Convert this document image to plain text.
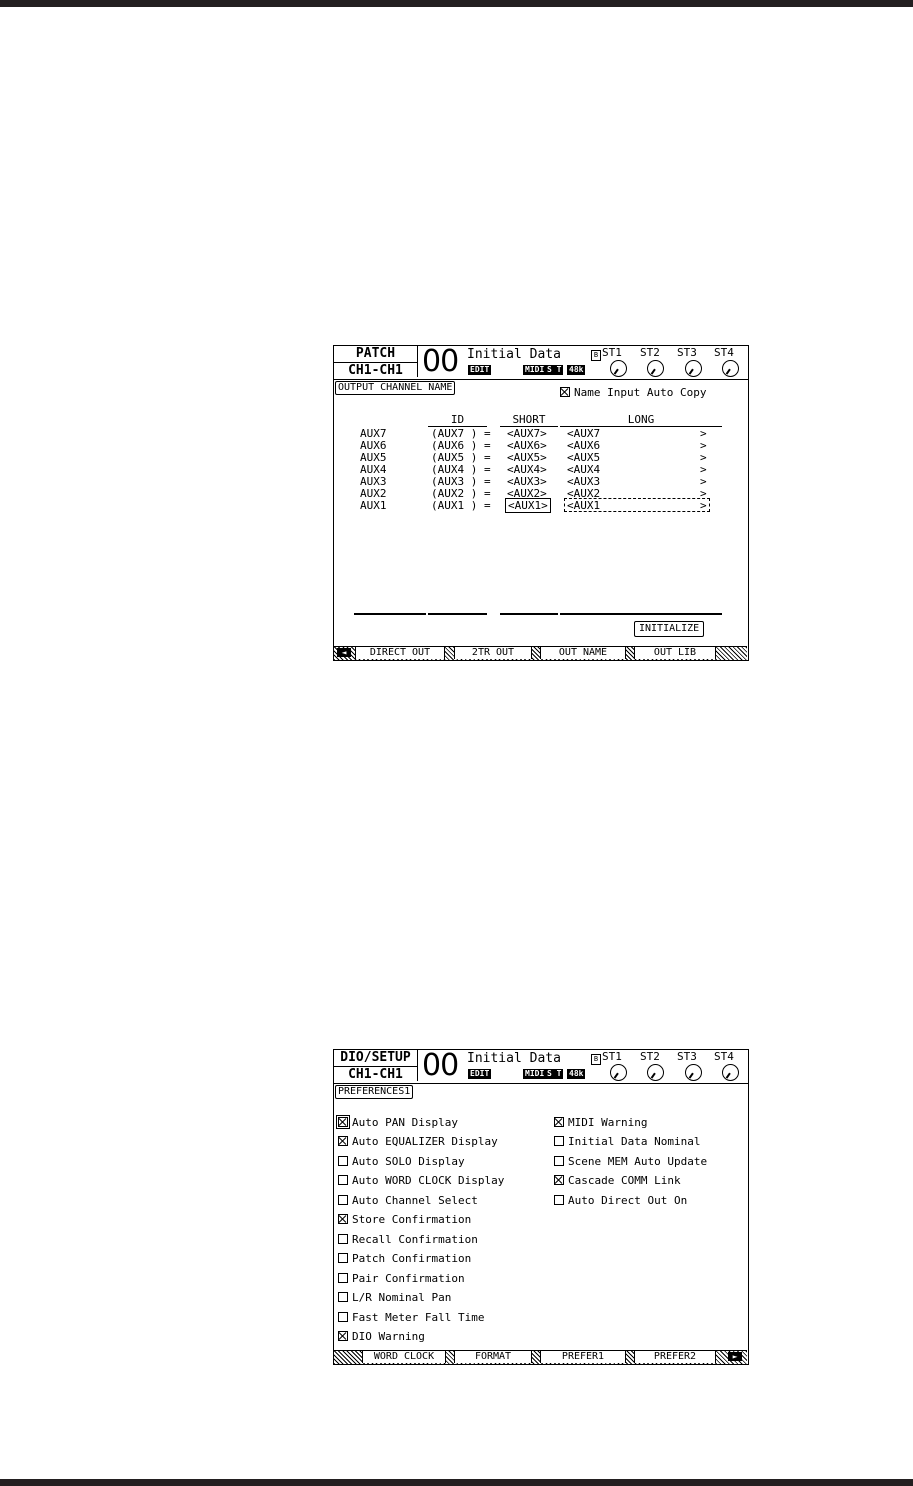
PATCH
CH1-CH1 00 Initial Data
EDIT	MIDI S T 48k
B ST1 ST2 ST3 ST4
OUTPUT CHANNEL NAME	Name Input Auto Copy
ID	SHORT	LONG
AUX7	(AUX7 ) = <AUX7> <AUX7	>
AUX6	(AUX6 ) = <AUX6> <AUX6	>
AUX5	(AUX5 ) = <AUX5> <AUX5	>
AUX4	(AUX4 ) = <AUX4> <AUX4	>
AUX3	(AUX3 ) = <AUX3> <AUX3	>
AUX2	(AUX2 ) = <AUX2> <AUX2	>
AUX1	(AUX1 ) = <AUX1> <AUX1	>
INITIALIZE
◄	DIRECT OUT	2TR OUT	OUT NAME	OUT LIB
DIO/SETUP
CH1-CH1 00 Initial Data
EDIT	MIDI S T 48k
B ST1 ST2 ST3 ST4
PREFERENCES1
Auto PAN Display
Auto EQUALIZER Display
Auto SOLO Display
Auto WORD CLOCK Display
Auto Channel Select
Store Confirmation
Recall Confirmation
Patch Confirmation
Pair Confirmation
L/R Nominal Pan
Fast Meter Fall Time
DIO Warning
MIDI Warning
Initial Data Nominal
Scene MEM Auto Update
Cascade COMM Link
Auto Direct Out On
WORD CLOCK	FORMAT	PREFER1	PREFER2	►
